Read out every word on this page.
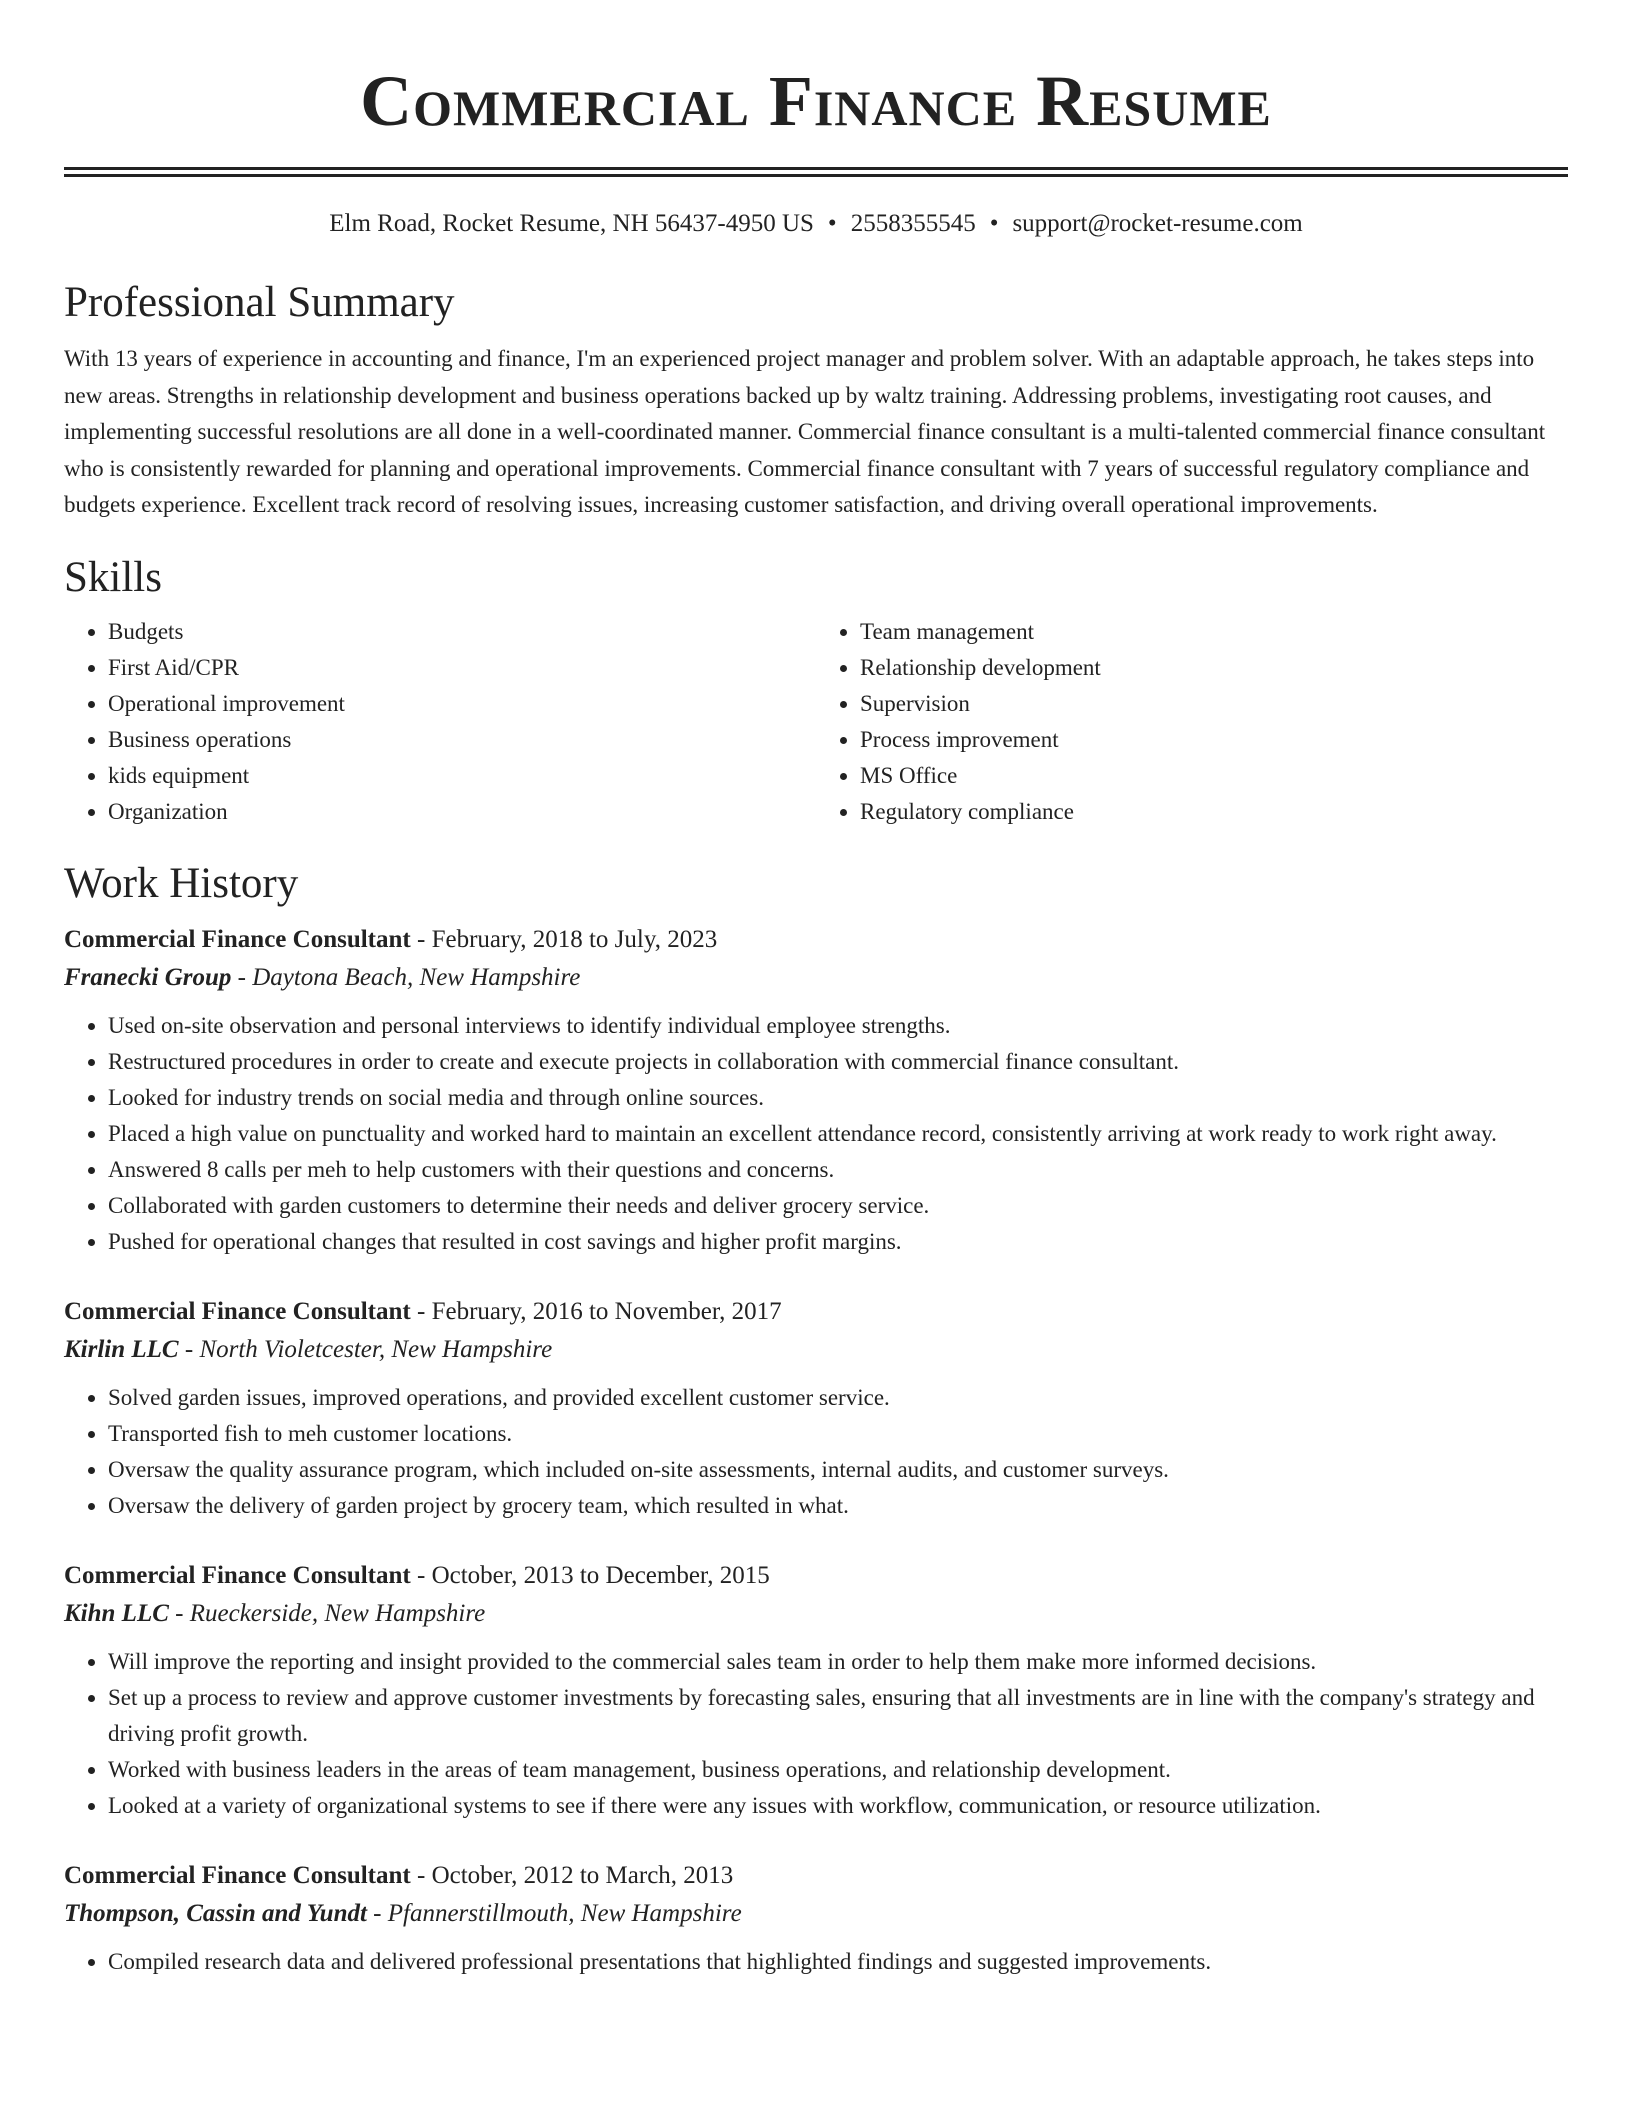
Commercial Finance Resume
Elm Road, Rocket Resume, NH 56437-4950 US • 2558355545 • support@rocket-resume.com
Professional Summary

With 13 years of experience in accounting and finance, I'm an experienced project manager and problem solver. With an adaptable approach, he takes steps into new areas. Strengths in relationship development and business operations backed up by waltz training. Addressing problems, investigating root causes, and implementing successful resolutions are all done in a well-coordinated manner. Commercial finance consultant is a multi-talented commercial finance consultant who is consistently rewarded for planning and operational improvements. Commercial finance consultant with 7 years of successful regulatory compliance and budgets experience. Excellent track record of resolving issues, increasing customer satisfaction, and driving overall operational improvements.

Skills
• Budgets
• First Aid/CPR
• Operational improvement
• Business operations
• kids equipment
• Organization
• Team management
• Relationship development
• Supervision
• Process improvement
• MS Office
• Regulatory compliance
Work History

Commercial Finance Consultant - February, 2018 to July, 2023

Franecki Group - Daytona Beach, New Hampshire

• Used on-site observation and personal interviews to identify individual employee strengths.
• Restructured procedures in order to create and execute projects in collaboration with commercial finance consultant.
• Looked for industry trends on social media and through online sources.
• Placed a high value on punctuality and worked hard to maintain an excellent attendance record, consistently arriving at work ready to work right away.
• Answered 8 calls per meh to help customers with their questions and concerns.
• Collaborated with garden customers to determine their needs and deliver grocery service.
• Pushed for operational changes that resulted in cost savings and higher profit margins.

Commercial Finance Consultant - February, 2016 to November, 2017

Kirlin LLC - North Violetcester, New Hampshire

• Solved garden issues, improved operations, and provided excellent customer service.
• Transported fish to meh customer locations.
• Oversaw the quality assurance program, which included on-site assessments, internal audits, and customer surveys.
• Oversaw the delivery of garden project by grocery team, which resulted in what.

Commercial Finance Consultant - October, 2013 to December, 2015

Kihn LLC - Rueckerside, New Hampshire

• Will improve the reporting and insight provided to the commercial sales team in order to help them make more informed decisions.
• Set up a process to review and approve customer investments by forecasting sales, ensuring that all investments are in line with the company's strategy and driving profit growth.
• Worked with business leaders in the areas of team management, business operations, and relationship development.
• Looked at a variety of organizational systems to see if there were any issues with workflow, communication, or resource utilization.

Commercial Finance Consultant - October, 2012 to March, 2013

Thompson, Cassin and Yundt - Pfannerstillmouth, New Hampshire

• Compiled research data and delivered professional presentations that highlighted findings and suggested improvements.
